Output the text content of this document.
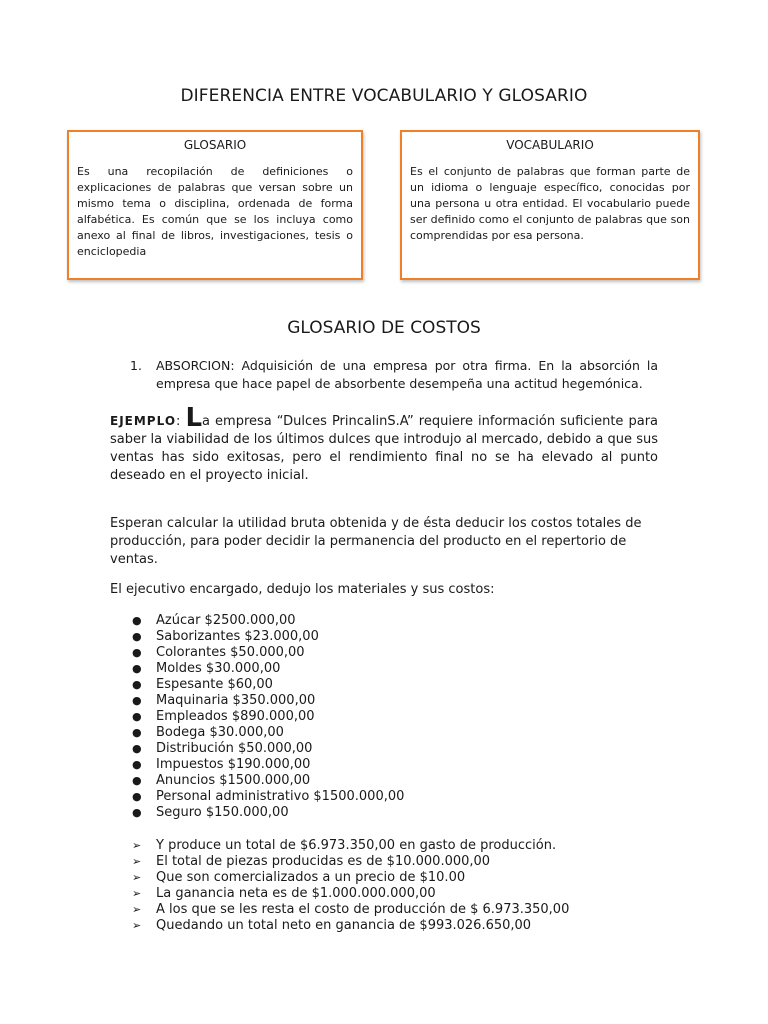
DIFERENCIA ENTRE VOCABULARIO Y GLOSARIO
GLOSARIO
Es una recopilación de definiciones o explicaciones de palabras que versan sobre un mismo tema o disciplina, ordenada de forma alfabética. Es común que se los incluya como anexo al final de libros, investigaciones, tesis o enciclopedia
VOCABULARIO
Es el conjunto de palabras que forman parte de un idioma o lenguaje específico, conocidas por una persona u otra entidad. El vocabulario puede ser definido como el conjunto de palabras que son comprendidas por esa persona.
GLOSARIO DE COSTOS
1. ABSORCION: Adquisición de una empresa por otra firma. En la absorción la empresa que hace papel de absorbente desempeña una actitud hegemónica.
EJEMPLO: La empresa “Dulces PrincalinS.A” requiere información suficiente para saber la viabilidad de los últimos dulces que introdujo al mercado, debido a que sus ventas has sido exitosas, pero el rendimiento final no se ha elevado al punto deseado en el proyecto inicial.
Esperan calcular la utilidad bruta obtenida y de ésta deducir los costos totales de producción, para poder decidir la permanencia del producto en el repertorio de ventas.
El ejecutivo encargado, dedujo los materiales y sus costos:
● Azúcar $2500.000,00
● Saborizantes $23.000,00
● Colorantes $50.000,00
● Moldes $30.000,00
● Espesante $60,00
● Maquinaria $350.000,00
● Empleados $890.000,00
● Bodega $30.000,00
● Distribución $50.000,00
● Impuestos $190.000,00
● Anuncios $1500.000,00
● Personal administrativo $1500.000,00
● Seguro $150.000,00
➢ Y produce un total de $6.973.350,00 en gasto de producción.
➢ El total de piezas producidas es de $10.000.000,00
➢ Que son comercializados a un precio de $10.00
➢ La ganancia neta es de $1.000.000.000,00
➢ A los que se les resta el costo de producción de $ 6.973.350,00
➢ Quedando un total neto en ganancia de $993.026.650,00
